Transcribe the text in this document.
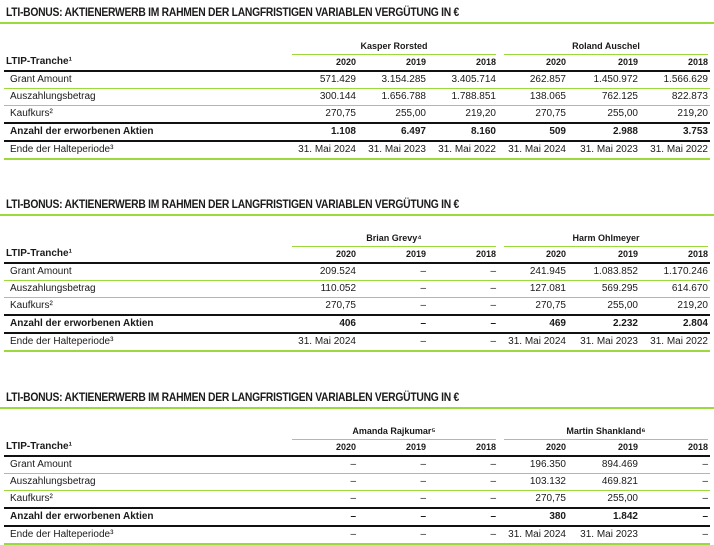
LTI-BONUS: AKTIENERWERB IM RAHMEN DER LANGFRISTIGEN VARIABLEN VERGÜTUNG IN €
Kasper Rorsted	Roland Auschel
LTIP-Tranche¹	2020	2019	2018	2020	2019	2018
Grant Amount	571.429	3.154.285	3.405.714	262.857	1.450.972	1.566.629
Auszahlungsbetrag	300.144	1.656.788	1.788.851	138.065	762.125	822.873
Kaufkurs²	270,75	255,00	219,20	270,75	255,00	219,20
Anzahl der erworbenen Aktien	1.108	6.497	8.160	509	2.988	3.753
Ende der Halteperiode³	31. Mai 2024	31. Mai 2023	31. Mai 2022	31. Mai 2024	31. Mai 2023	31. Mai 2022
LTI-BONUS: AKTIENERWERB IM RAHMEN DER LANGFRISTIGEN VARIABLEN VERGÜTUNG IN €
Brian Grevy⁴	Harm Ohlmeyer
LTIP-Tranche¹	2020	2019	2018	2020	2019	2018
Grant Amount	209.524	–	–	241.945	1.083.852	1.170.246
Auszahlungsbetrag	110.052	–	–	127.081	569.295	614.670
Kaufkurs²	270,75	–	–	270,75	255,00	219,20
Anzahl der erworbenen Aktien	406	–	–	469	2.232	2.804
Ende der Halteperiode³	31. Mai 2024	–	–	31. Mai 2024	31. Mai 2023	31. Mai 2022
LTI-BONUS: AKTIENERWERB IM RAHMEN DER LANGFRISTIGEN VARIABLEN VERGÜTUNG IN €
Amanda Rajkumar⁵	Martin Shankland⁶
LTIP-Tranche¹	2020	2019	2018	2020	2019	2018
Grant Amount	–	–	–	196.350	894.469	–
Auszahlungsbetrag	–	–	–	103.132	469.821	–
Kaufkurs²	–	–	–	270,75	255,00	–
Anzahl der erworbenen Aktien	–	–	–	380	1.842	–
Ende der Halteperiode³	–	–	–	31. Mai 2024	31. Mai 2023	–
